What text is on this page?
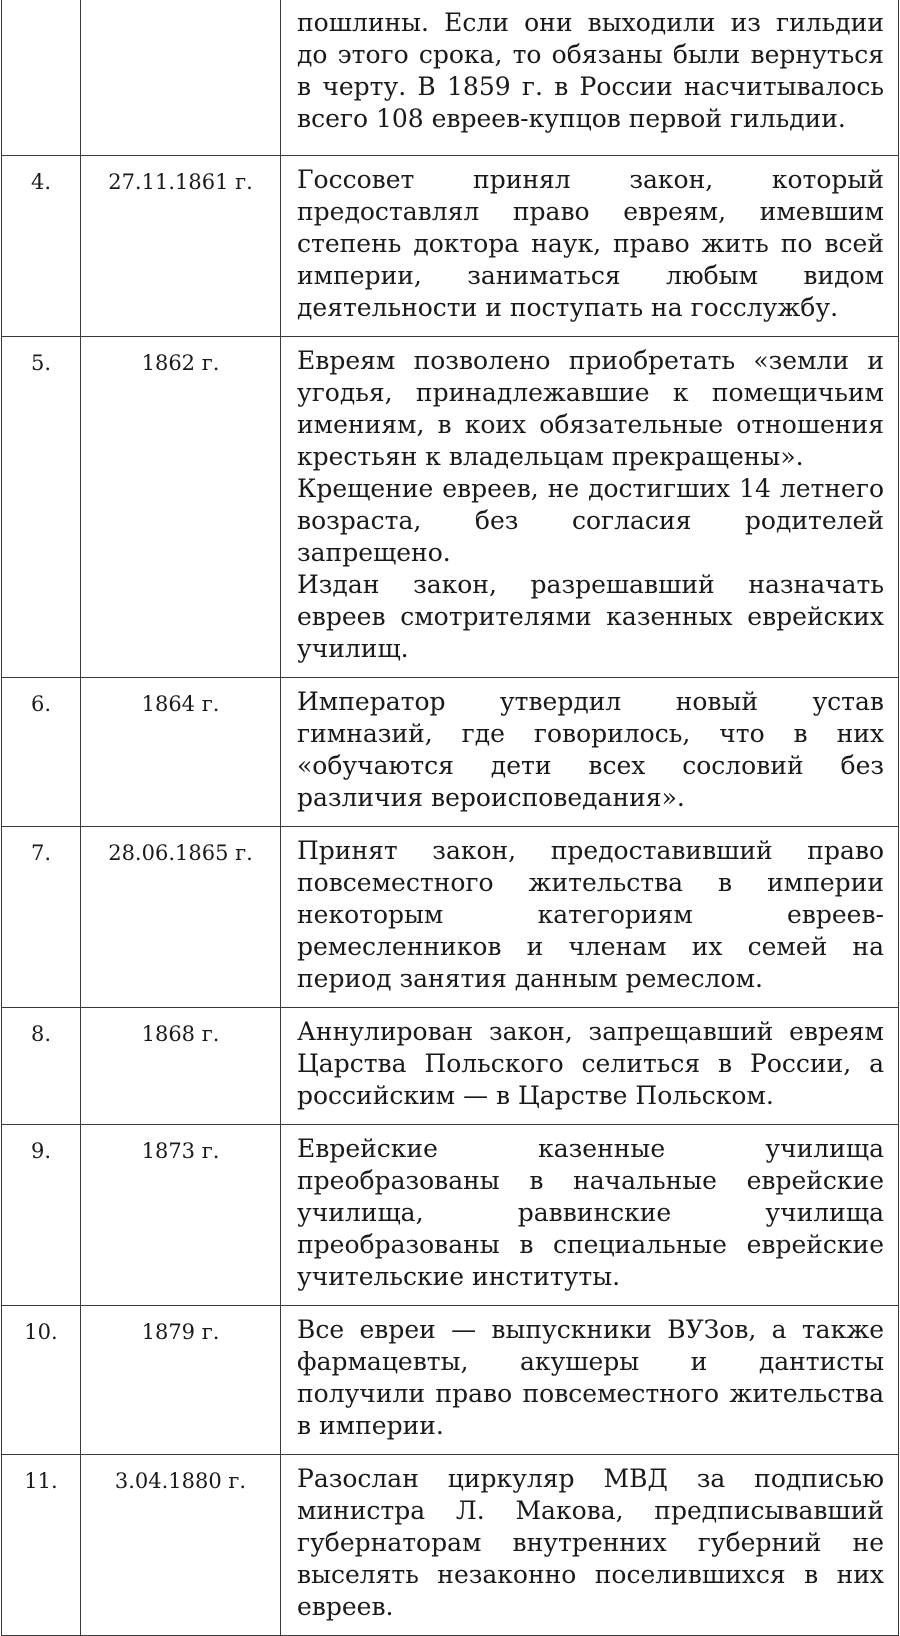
		пошлины. Если они выходили из гильдии до этого срока, то обязаны были вернуться в черту. В 1859 г. в России насчитывалось всего 108 евреев-купцов первой гильдии.

4.	27.11.1861 г.	Госсовет принял закон, который предоставлял право евреям, имевшим степень доктора наук, право жить по всей империи, заниматься любым видом деятельности и поступать на госслужбу.

5.	1862 г.	Евреям позволено приобретать «земли и угодья, принадлежавшие к помещичьим имениям, в коих обязательные отношения крестьян к владельцам прекращены».

Крещение евреев, не достигших 14 летнего возраста, без согласия родителей запрещено.

Издан закон, разрешавший назначать евреев смотрителями казенных еврейских училищ.

6.	1864 г.	Император утвердил новый устав гимназий, где говорилось, что в них «обучаются дети всех сословий без различия вероисповедания».

7.	28.06.1865 г.	Принят закон, предоставивший право повсеместного жительства в империи некоторым категориям евреев-ремесленников и членам их семей на период занятия данным ремеслом.

8.	1868 г.	Аннулирован закон, запрещавший евреям Царства Польского селиться в России, а российским — в Царстве Польском.

9.	1873 г.	Еврейские казенные училища преобразованы в начальные еврейские училища, раввинские училища преобразованы в специальные еврейские учительские институты.

10.	1879 г.	Все евреи — выпускники ВУЗов, а также фармацевты, акушеры и дантисты получили право повсеместного жительства в империи.

11.	3.04.1880 г.	Разослан циркуляр МВД за подписью министра Л. Макова, предписывавший губернаторам внутренних губерний не выселять незаконно поселившихся в них евреев.
